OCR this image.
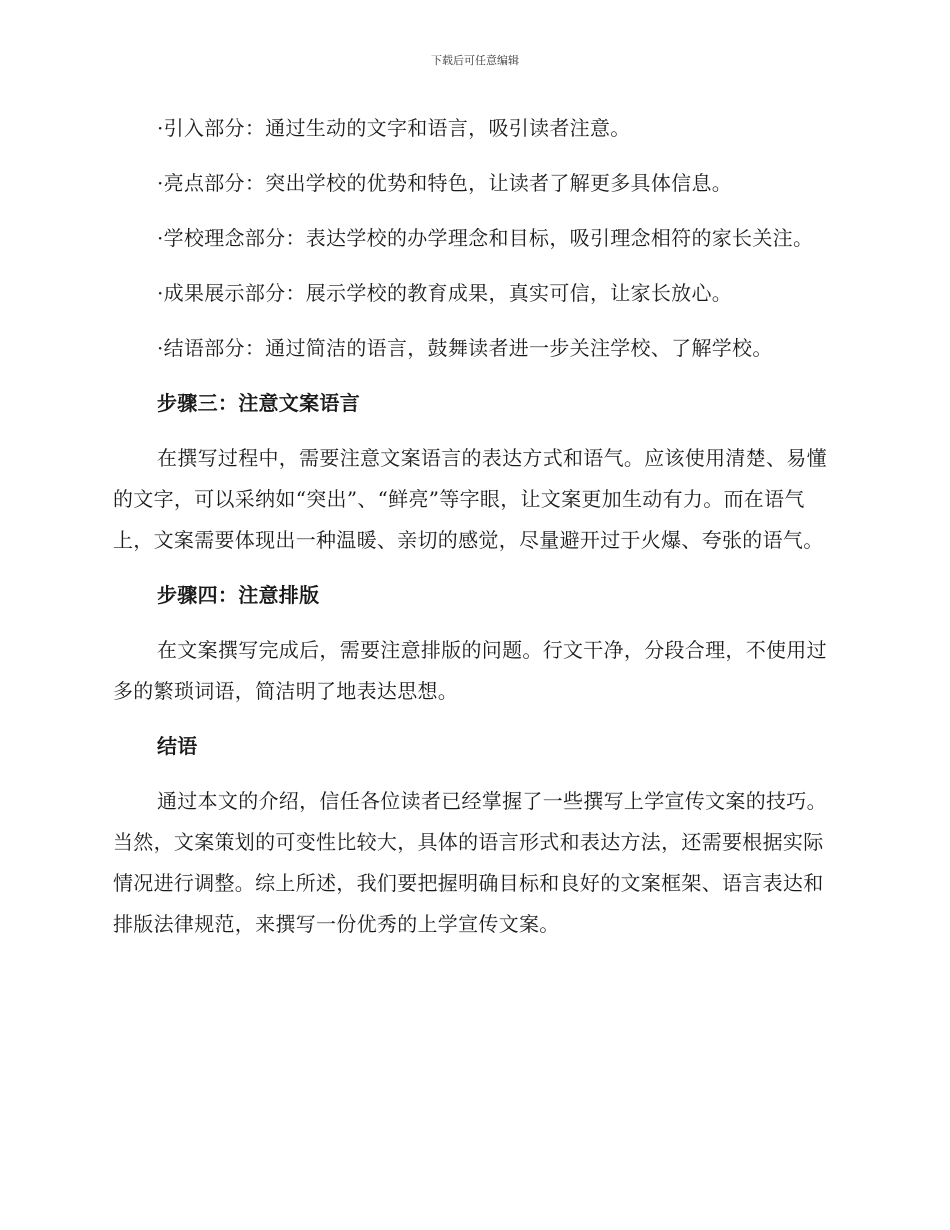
下载后可任意编辑

·引入部分：通过生动的文字和语言，吸引读者注意。

·亮点部分：突出学校的优势和特色，让读者了解更多具体信息。

·学校理念部分：表达学校的办学理念和目标，吸引理念相符的家长关注。

·成果展示部分：展示学校的教育成果，真实可信，让家长放心。

·结语部分：通过简洁的语言，鼓舞读者进一步关注学校、了解学校。

步骤三：注意文案语言

在撰写过程中，需要注意文案语言的表达方式和语气。应该使用清楚、易懂的文字，可以采纳如“突出”、“鲜亮”等字眼，让文案更加生动有力。而在语气上，文案需要体现出一种温暖、亲切的感觉，尽量避开过于火爆、夸张的语气。

步骤四：注意排版

在文案撰写完成后，需要注意排版的问题。行文干净，分段合理，不使用过多的繁琐词语，简洁明了地表达思想。

结语

通过本文的介绍，信任各位读者已经掌握了一些撰写上学宣传文案的技巧。当然，文案策划的可变性比较大，具体的语言形式和表达方法，还需要根据实际情况进行调整。综上所述，我们要把握明确目标和良好的文案框架、语言表达和排版法律规范，来撰写一份优秀的上学宣传文案。
